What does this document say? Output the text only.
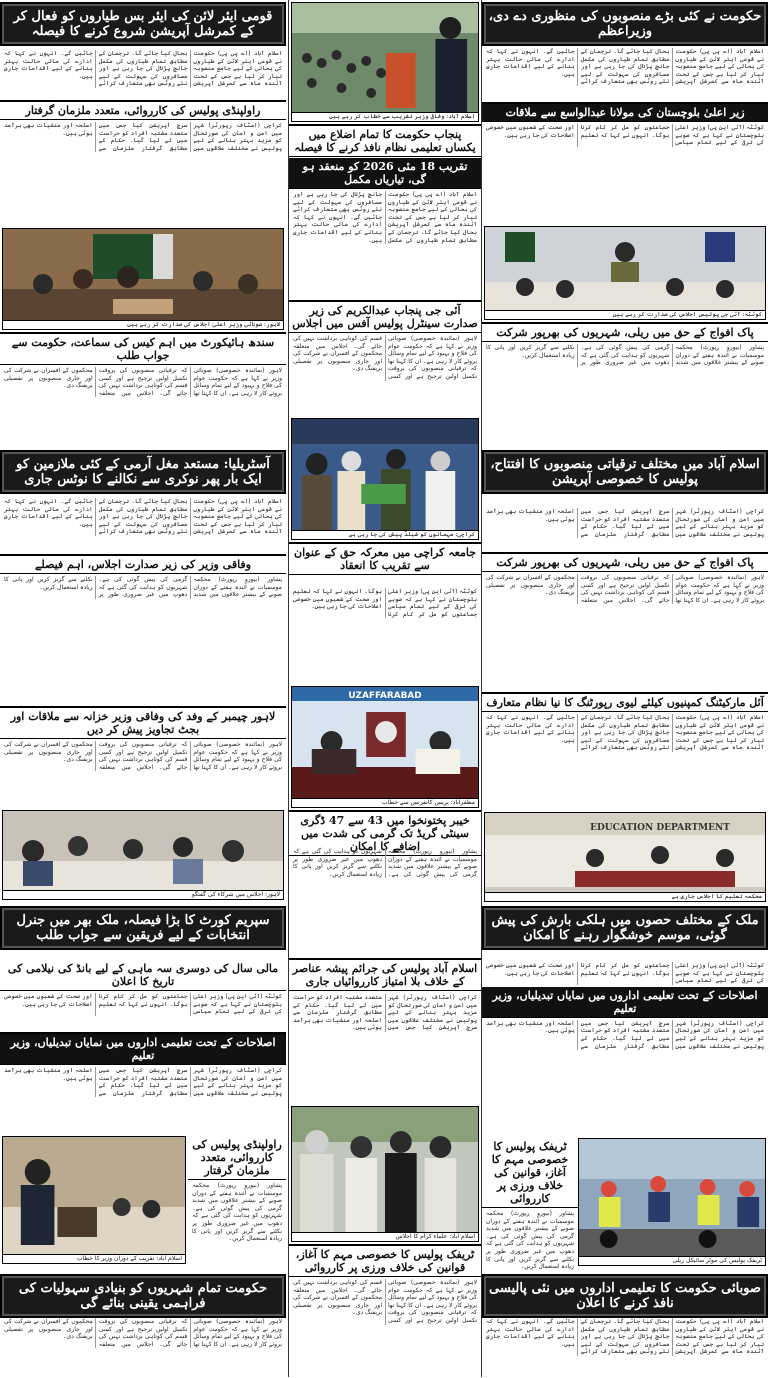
قومی ایئر لائن کی ایئر بس طیاروں کو فعال کر کے کمرشل آپریشن شروع کرنے کا فیصلہ
اسلام آباد (اے پی پی) حکومت نے قومی ایئر لائن کے طیاروں کی بحالی کے لیے جامع منصوبہ تیار کر لیا ہے جس کے تحت آئندہ ماہ سے کمرشل آپریشن بحال کیا جائے گا۔ ترجمان کے مطابق تمام طیاروں کی مکمل جانچ پڑتال کی جا رہی ہے اور مسافروں کی سہولت کے لیے نئے روٹس بھی متعارف کرائے جائیں گے۔ انہوں نے کہا کہ ادارے کی مالی حالت بہتر بنانے کے لیے اقدامات جاری ہیں۔
راولپنڈی پولیس کی کارروائی، متعدد ملزمان گرفتار
کراچی (اسٹاف رپورٹر) شہر میں امن و امان کی صورتحال کو مزید بہتر بنانے کے لیے پولیس نے مختلف علاقوں میں سرچ آپریشن کیا جس میں متعدد مشتبہ افراد کو حراست میں لے لیا گیا۔ حکام کے مطابق گرفتار ملزمان سے اسلحہ اور منشیات بھی برآمد ہوئی ہیں۔
لاہور: صوبائی وزیر اعلیٰ اجلاس کی صدارت کر رہے ہیں
سندھ ہائیکورٹ میں اہم کیس کی سماعت، حکومت سے جواب طلب
لاہور (نمائندہ خصوصی) صوبائی وزیر نے کہا ہے کہ حکومت عوام کی فلاح و بہبود کے لیے تمام وسائل بروئے کار لا رہی ہے۔ ان کا کہنا تھا کہ ترقیاتی منصوبوں کی بروقت تکمیل اولین ترجیح ہے اور کسی قسم کی کوتاہی برداشت نہیں کی جائے گی۔ اجلاس میں متعلقہ محکموں کے افسران نے شرکت کی اور جاری منصوبوں پر تفصیلی بریفنگ دی۔
آسٹریلیا: مستعد مغل آرمی کے کئی ملازمین کو ایک بار پھر نوکری سے نکالنے کا نوٹس جاری
اسلام آباد (اے پی پی) حکومت نے قومی ایئر لائن کے طیاروں کی بحالی کے لیے جامع منصوبہ تیار کر لیا ہے جس کے تحت آئندہ ماہ سے کمرشل آپریشن بحال کیا جائے گا۔ ترجمان کے مطابق تمام طیاروں کی مکمل جانچ پڑتال کی جا رہی ہے اور مسافروں کی سہولت کے لیے نئے روٹس بھی متعارف کرائے جائیں گے۔ انہوں نے کہا کہ ادارے کی مالی حالت بہتر بنانے کے لیے اقدامات جاری ہیں۔
وفاقی وزیر کی زیر صدارت اجلاس، اہم فیصلے
پشاور (بیورو رپورٹ) محکمہ موسمیات نے آئندہ ہفتے کے دوران صوبے کے بیشتر علاقوں میں شدید گرمی کی پیش گوئی کی ہے۔ شہریوں کو ہدایت کی گئی ہے کہ دھوپ میں غیر ضروری طور پر نکلنے سے گریز کریں اور پانی کا زیادہ استعمال کریں۔
لاہور چیمبر کے وفد کی وفاقی وزیر خزانہ سے ملاقات اور بجٹ تجاویز پیش کر دیں
لاہور (نمائندہ خصوصی) صوبائی وزیر نے کہا ہے کہ حکومت عوام کی فلاح و بہبود کے لیے تمام وسائل بروئے کار لا رہی ہے۔ ان کا کہنا تھا کہ ترقیاتی منصوبوں کی بروقت تکمیل اولین ترجیح ہے اور کسی قسم کی کوتاہی برداشت نہیں کی جائے گی۔ اجلاس میں متعلقہ محکموں کے افسران نے شرکت کی اور جاری منصوبوں پر تفصیلی بریفنگ دی۔
لاہور: اجلاس میں شرکاء کی گفتگو
سپریم کورٹ کا بڑا فیصلہ، ملک بھر میں جنرل انتخابات کے لیے فریقین سے جواب طلب
مالی سال کی دوسری سہ ماہی کے لیے بانڈ کی نیلامی کی تاریخ کا اعلان
کوئٹہ (آئی این پی) وزیر اعلیٰ بلوچستان نے کہا ہے کہ صوبے کی ترقی کے لیے تمام سیاسی جماعتوں کو مل کر کام کرنا ہوگا۔ انہوں نے کہا کہ تعلیم اور صحت کے شعبوں میں خصوصی اصلاحات کی جا رہی ہیں۔
اصلاحات کے تحت تعلیمی اداروں میں نمایاں تبدیلیاں، وزیر تعلیم
کراچی (اسٹاف رپورٹر) شہر میں امن و امان کی صورتحال کو مزید بہتر بنانے کے لیے پولیس نے مختلف علاقوں میں سرچ آپریشن کیا جس میں متعدد مشتبہ افراد کو حراست میں لے لیا گیا۔ حکام کے مطابق گرفتار ملزمان سے اسلحہ اور منشیات بھی برآمد ہوئی ہیں۔
اسلام آباد: تقریب کے دوران وزیر کا خطاب
راولپنڈی پولیس کی کارروائی، متعدد ملزمان گرفتار
پشاور (بیورو رپورٹ) محکمہ موسمیات نے آئندہ ہفتے کے دوران صوبے کے بیشتر علاقوں میں شدید گرمی کی پیش گوئی کی ہے۔ شہریوں کو ہدایت کی گئی ہے کہ دھوپ میں غیر ضروری طور پر نکلنے سے گریز کریں اور پانی کا زیادہ استعمال کریں۔
حکومت تمام شہریوں کو بنیادی سہولیات کی فراہمی یقینی بنائے گی
لاہور (نمائندہ خصوصی) صوبائی وزیر نے کہا ہے کہ حکومت عوام کی فلاح و بہبود کے لیے تمام وسائل بروئے کار لا رہی ہے۔ ان کا کہنا تھا کہ ترقیاتی منصوبوں کی بروقت تکمیل اولین ترجیح ہے اور کسی قسم کی کوتاہی برداشت نہیں کی جائے گی۔ اجلاس میں متعلقہ محکموں کے افسران نے شرکت کی اور جاری منصوبوں پر تفصیلی بریفنگ دی۔
اسلام آباد: وفاقی وزیر تقریب سے خطاب کر رہے ہیں
پنجاب حکومت کا تمام اضلاع میں یکساں تعلیمی نظام نافذ کرنے کا فیصلہ
تقریب 18 مئی 2026 کو منعقد ہو گی، تیاریاں مکمل
اسلام آباد (اے پی پی) حکومت نے قومی ایئر لائن کے طیاروں کی بحالی کے لیے جامع منصوبہ تیار کر لیا ہے جس کے تحت آئندہ ماہ سے کمرشل آپریشن بحال کیا جائے گا۔ ترجمان کے مطابق تمام طیاروں کی مکمل جانچ پڑتال کی جا رہی ہے اور مسافروں کی سہولت کے لیے نئے روٹس بھی متعارف کرائے جائیں گے۔ انہوں نے کہا کہ ادارے کی مالی حالت بہتر بنانے کے لیے اقدامات جاری ہیں۔
آئی جی پنجاب عبدالکریم کی زیر صدارت سینٹرل پولیس آفس میں اجلاس
لاہور (نمائندہ خصوصی) صوبائی وزیر نے کہا ہے کہ حکومت عوام کی فلاح و بہبود کے لیے تمام وسائل بروئے کار لا رہی ہے۔ ان کا کہنا تھا کہ ترقیاتی منصوبوں کی بروقت تکمیل اولین ترجیح ہے اور کسی قسم کی کوتاہی برداشت نہیں کی جائے گی۔ اجلاس میں متعلقہ محکموں کے افسران نے شرکت کی اور جاری منصوبوں پر تفصیلی بریفنگ دی۔
کراچی: مہمانوں کو شیلڈ پیش کی جا رہی ہے
جامعہ کراچی میں معرکہ حق کے عنوان سے تقریب کا انعقاد
کوئٹہ (آئی این پی) وزیر اعلیٰ بلوچستان نے کہا ہے کہ صوبے کی ترقی کے لیے تمام سیاسی جماعتوں کو مل کر کام کرنا ہوگا۔ انہوں نے کہا کہ تعلیم اور صحت کے شعبوں میں خصوصی اصلاحات کی جا رہی ہیں۔
UZAFFARABAD
مظفرآباد: پریس کانفرنس سے خطاب
خیبر پختونخوا میں 43 سے 47 ڈگری سینٹی گریڈ تک گرمی کی شدت میں اضافے کا امکان
پشاور (بیورو رپورٹ) محکمہ موسمیات نے آئندہ ہفتے کے دوران صوبے کے بیشتر علاقوں میں شدید گرمی کی پیش گوئی کی ہے۔ شہریوں کو ہدایت کی گئی ہے کہ دھوپ میں غیر ضروری طور پر نکلنے سے گریز کریں اور پانی کا زیادہ استعمال کریں۔
اسلام آباد پولیس کی جرائم پیشہ عناصر کے خلاف بلا امتیاز کارروائیاں جاری
کراچی (اسٹاف رپورٹر) شہر میں امن و امان کی صورتحال کو مزید بہتر بنانے کے لیے پولیس نے مختلف علاقوں میں سرچ آپریشن کیا جس میں متعدد مشتبہ افراد کو حراست میں لے لیا گیا۔ حکام کے مطابق گرفتار ملزمان سے اسلحہ اور منشیات بھی برآمد ہوئی ہیں۔
اسلام آباد: علماء کرام کا اجلاس
ٹریفک پولیس کا خصوصی مہم کا آغاز، قوانین کی خلاف ورزی پر کارروائی
لاہور (نمائندہ خصوصی) صوبائی وزیر نے کہا ہے کہ حکومت عوام کی فلاح و بہبود کے لیے تمام وسائل بروئے کار لا رہی ہے۔ ان کا کہنا تھا کہ ترقیاتی منصوبوں کی بروقت تکمیل اولین ترجیح ہے اور کسی قسم کی کوتاہی برداشت نہیں کی جائے گی۔ اجلاس میں متعلقہ محکموں کے افسران نے شرکت کی اور جاری منصوبوں پر تفصیلی بریفنگ دی۔
حکومت نے کئی بڑے منصوبوں کی منظوری دے دی، وزیراعظم
اسلام آباد (اے پی پی) حکومت نے قومی ایئر لائن کے طیاروں کی بحالی کے لیے جامع منصوبہ تیار کر لیا ہے جس کے تحت آئندہ ماہ سے کمرشل آپریشن بحال کیا جائے گا۔ ترجمان کے مطابق تمام طیاروں کی مکمل جانچ پڑتال کی جا رہی ہے اور مسافروں کی سہولت کے لیے نئے روٹس بھی متعارف کرائے جائیں گے۔ انہوں نے کہا کہ ادارے کی مالی حالت بہتر بنانے کے لیے اقدامات جاری ہیں۔
زیر اعلیٰ بلوچستان کی مولانا عبدالواسع سے ملاقات
کوئٹہ (آئی این پی) وزیر اعلیٰ بلوچستان نے کہا ہے کہ صوبے کی ترقی کے لیے تمام سیاسی جماعتوں کو مل کر کام کرنا ہوگا۔ انہوں نے کہا کہ تعلیم اور صحت کے شعبوں میں خصوصی اصلاحات کی جا رہی ہیں۔
کوئٹہ: آئی جی پولیس اجلاس کی صدارت کر رہے ہیں
پاک افواج کے حق میں ریلی، شہریوں کی بھرپور شرکت
پشاور (بیورو رپورٹ) محکمہ موسمیات نے آئندہ ہفتے کے دوران صوبے کے بیشتر علاقوں میں شدید گرمی کی پیش گوئی کی ہے۔ شہریوں کو ہدایت کی گئی ہے کہ دھوپ میں غیر ضروری طور پر نکلنے سے گریز کریں اور پانی کا زیادہ استعمال کریں۔
اسلام آباد میں مختلف ترقیاتی منصوبوں کا افتتاح، پولیس کا خصوصی آپریشن
کراچی (اسٹاف رپورٹر) شہر میں امن و امان کی صورتحال کو مزید بہتر بنانے کے لیے پولیس نے مختلف علاقوں میں سرچ آپریشن کیا جس میں متعدد مشتبہ افراد کو حراست میں لے لیا گیا۔ حکام کے مطابق گرفتار ملزمان سے اسلحہ اور منشیات بھی برآمد ہوئی ہیں۔
پاک افواج کے حق میں ریلی، شہریوں کی بھرپور شرکت
لاہور (نمائندہ خصوصی) صوبائی وزیر نے کہا ہے کہ حکومت عوام کی فلاح و بہبود کے لیے تمام وسائل بروئے کار لا رہی ہے۔ ان کا کہنا تھا کہ ترقیاتی منصوبوں کی بروقت تکمیل اولین ترجیح ہے اور کسی قسم کی کوتاہی برداشت نہیں کی جائے گی۔ اجلاس میں متعلقہ محکموں کے افسران نے شرکت کی اور جاری منصوبوں پر تفصیلی بریفنگ دی۔
آئل مارکیٹنگ کمپنیوں کیلئے لیوی رپورٹنگ کا نیا نظام متعارف
اسلام آباد (اے پی پی) حکومت نے قومی ایئر لائن کے طیاروں کی بحالی کے لیے جامع منصوبہ تیار کر لیا ہے جس کے تحت آئندہ ماہ سے کمرشل آپریشن بحال کیا جائے گا۔ ترجمان کے مطابق تمام طیاروں کی مکمل جانچ پڑتال کی جا رہی ہے اور مسافروں کی سہولت کے لیے نئے روٹس بھی متعارف کرائے جائیں گے۔ انہوں نے کہا کہ ادارے کی مالی حالت بہتر بنانے کے لیے اقدامات جاری ہیں۔
EDUCATION DEPARTMENT
محکمہ تعلیم کا اجلاس جاری ہے
ملک کے مختلف حصوں میں ہلکی بارش کی پیش گوئی، موسم خوشگوار رہنے کا امکان
کوئٹہ (آئی این پی) وزیر اعلیٰ بلوچستان نے کہا ہے کہ صوبے کی ترقی کے لیے تمام سیاسی جماعتوں کو مل کر کام کرنا ہوگا۔ انہوں نے کہا کہ تعلیم اور صحت کے شعبوں میں خصوصی اصلاحات کی جا رہی ہیں۔
اصلاحات کے تحت تعلیمی اداروں میں نمایاں تبدیلیاں، وزیر تعلیم
کراچی (اسٹاف رپورٹر) شہر میں امن و امان کی صورتحال کو مزید بہتر بنانے کے لیے پولیس نے مختلف علاقوں میں سرچ آپریشن کیا جس میں متعدد مشتبہ افراد کو حراست میں لے لیا گیا۔ حکام کے مطابق گرفتار ملزمان سے اسلحہ اور منشیات بھی برآمد ہوئی ہیں۔
ٹریفک پولیس کا خصوصی مہم کا آغاز، قوانین کی خلاف ورزی پر کارروائی
پشاور (بیورو رپورٹ) محکمہ موسمیات نے آئندہ ہفتے کے دوران صوبے کے بیشتر علاقوں میں شدید گرمی کی پیش گوئی کی ہے۔ شہریوں کو ہدایت کی گئی ہے کہ دھوپ میں غیر ضروری طور پر نکلنے سے گریز کریں اور پانی کا زیادہ استعمال کریں۔
ٹریفک پولیس کی موٹر سائیکل ریلی
صوبائی حکومت کا تعلیمی اداروں میں نئی پالیسی نافذ کرنے کا اعلان
اسلام آباد (اے پی پی) حکومت نے قومی ایئر لائن کے طیاروں کی بحالی کے لیے جامع منصوبہ تیار کر لیا ہے جس کے تحت آئندہ ماہ سے کمرشل آپریشن بحال کیا جائے گا۔ ترجمان کے مطابق تمام طیاروں کی مکمل جانچ پڑتال کی جا رہی ہے اور مسافروں کی سہولت کے لیے نئے روٹس بھی متعارف کرائے جائیں گے۔ انہوں نے کہا کہ ادارے کی مالی حالت بہتر بنانے کے لیے اقدامات جاری ہیں۔
